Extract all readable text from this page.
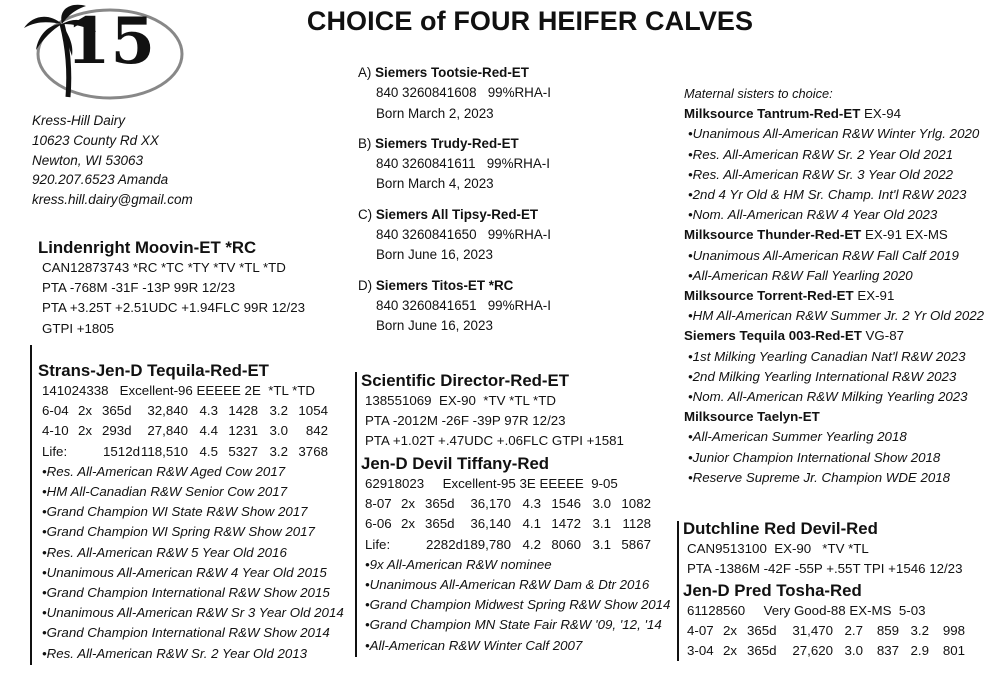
15	CHOICE of FOUR HEIFER CALVES
Kress-Hill Dairy
10623 County Rd XX
Newton, WI 53063
920.207.6523 Amanda
kress.hill.dairy@gmail.com
Lindenright Moovin-ET *RC
CAN12873743 *RC *TC *TY *TV *TL *TD
PTA -768M -31F -13P 99R 12/23
PTA +3.25T +2.51UDC +1.94FLC 99R 12/23
GTPI +1805
Strans-Jen-D Tequila-Red-ET
141024338   Excellent-96 EEEEE 2E  *TL *TD
6-04 2x 365d 32,840 4.3 1428 3.2 1054
4-10 2x 293d 27,840 4.4 1231 3.0 842
Life:	1512d118,510 4.5 5327 3.2 3768
•Res. All-American R&W Aged Cow 2017
•HM All-Canadian R&W Senior Cow 2017
•Grand Champion WI State R&W Show 2017
•Grand Champion WI Spring R&W Show 2017
•Res. All-American R&W 5 Year Old 2016
•Unanimous All-American R&W 4 Year Old 2015
•Grand Champion International R&W Show 2015
•Unanimous All-American R&W Sr 3 Year Old 2014
•Grand Champion International R&W Show 2014
•Res. All-American R&W Sr. 2 Year Old 2013
A) Siemers Tootsie-Red-ET
840 3260841608   99%RHA-I
Born March 2, 2023
B) Siemers Trudy-Red-ET
840 3260841611   99%RHA-I
Born March 4, 2023
C) Siemers All Tipsy-Red-ET
840 3260841650   99%RHA-I
Born June 16, 2023
D) Siemers Titos-ET *RC
840 3260841651   99%RHA-I
Born June 16, 2023
Scientific Director-Red-ET
138551069  EX-90  *TV *TL *TD
PTA -2012M -26F -39P 97R 12/23
PTA +1.02T +.47UDC +.06FLC GTPI +1581
Jen-D Devil Tiffany-Red
62918023     Excellent-95 3E EEEEE  9-05
8-07 2x 365d 36,170 4.3 1546 3.0 1082
6-06 2x 365d 36,140 4.1 1472 3.1 1128
Life:	2282d189,780 4.2 8060 3.1 5867
•9x All-American R&W nominee
•Unanimous All-American R&W Dam & Dtr 2016
•Grand Champion Midwest Spring R&W Show 2014
•Grand Champion MN State Fair R&W '09, '12, '14
•All-American R&W Winter Calf 2007
Maternal sisters to choice:
Milksource Tantrum-Red-ET EX-94
•Unanimous All-American R&W Winter Yrlg. 2020
•Res. All-American R&W Sr. 2 Year Old 2021
•Res. All-American R&W Sr. 3 Year Old 2022
•2nd 4 Yr Old & HM Sr. Champ. Int'l R&W 2023
•Nom. All-American R&W 4 Year Old 2023
Milksource Thunder-Red-ET EX-91 EX-MS
•Unanimous All-American R&W Fall Calf 2019
•All-American R&W Fall Yearling 2020
Milksource Torrent-Red-ET EX-91
•HM All-American R&W Summer Jr. 2 Yr Old 2022
Siemers Tequila 003-Red-ET VG-87
•1st Milking Yearling Canadian Nat'l R&W 2023
•2nd Milking Yearling International R&W 2023
•Nom. All-American R&W Milking Yearling 2023
Milksource Taelyn-ET
•All-American Summer Yearling 2018
•Junior Champion International Show 2018
•Reserve Supreme Jr. Champion WDE 2018
Dutchline Red Devil-Red
CAN9513100  EX-90   *TV *TL
PTA -1386M -42F -55P +.55T TPI +1546 12/23
Jen-D Pred Tosha-Red
61128560     Very Good-88 EX-MS  5-03
4-07 2x 365d 31,470 2.7 859 3.2 998
3-04 2x 365d 27,620 3.0 837 2.9 801
